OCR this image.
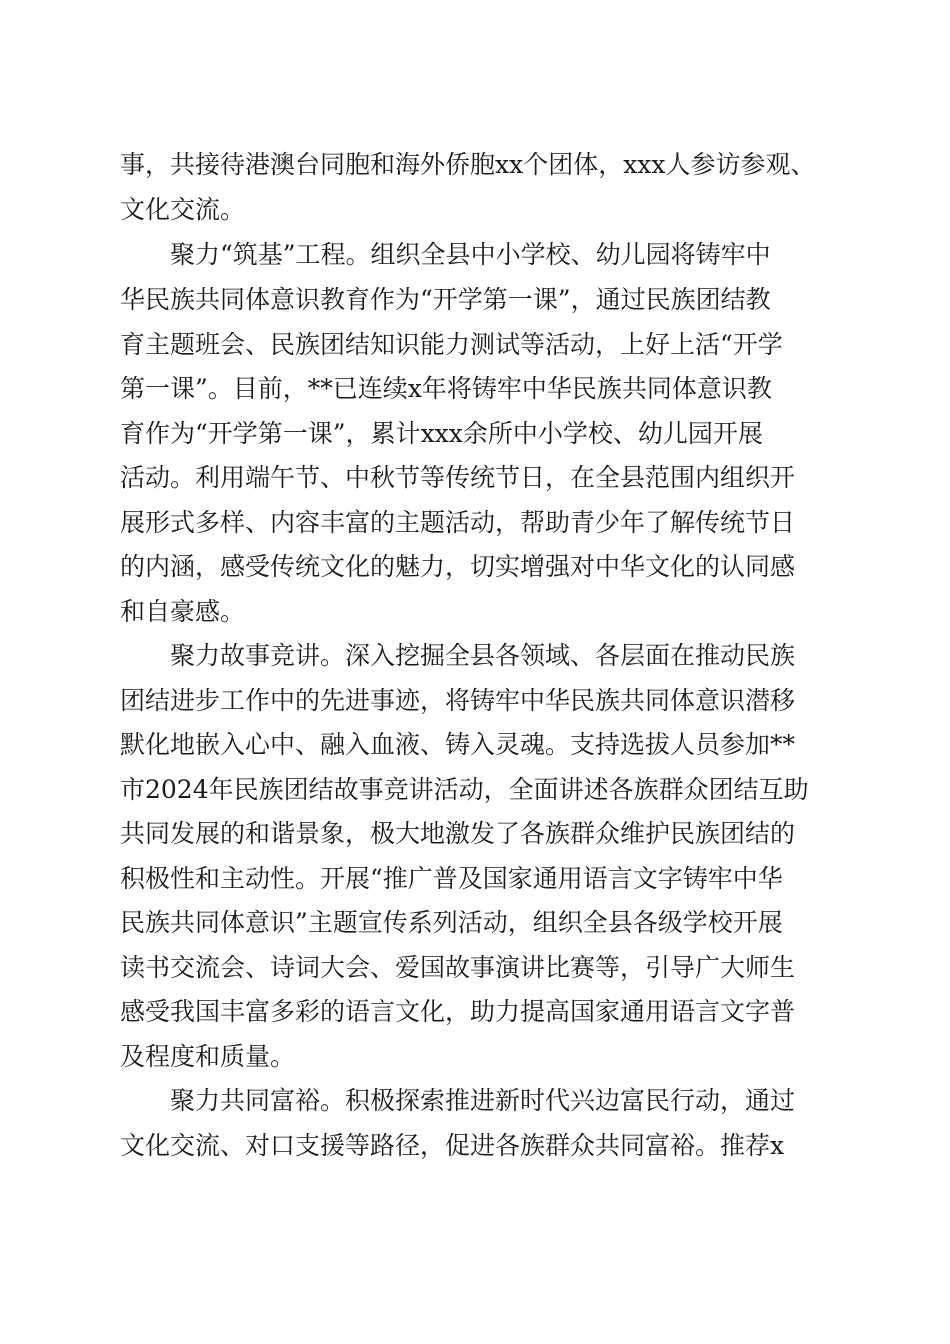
事，共接待港澳台同胞和海外侨胞xx个团体，xxx人参访参观、
文化交流。
聚力“筑基”工程。组织全县中小学校、幼儿园将铸牢中
华民族共同体意识教育作为“开学第一课”，通过民族团结教
育主题班会、民族团结知识能力测试等活动，上好上活“开学
第一课”。目前，**已连续x年将铸牢中华民族共同体意识教
育作为“开学第一课”，累计xxx余所中小学校、幼儿园开展
活动。利用端午节、中秋节等传统节日，在全县范围内组织开
展形式多样、内容丰富的主题活动，帮助青少年了解传统节日
的内涵，感受传统文化的魅力，切实增强对中华文化的认同感
和自豪感。
聚力故事竞讲。深入挖掘全县各领域、各层面在推动民族
团结进步工作中的先进事迹，将铸牢中华民族共同体意识潜移
默化地嵌入心中、融入血液、铸入灵魂。支持选拔人员参加**
市2024年民族团结故事竞讲活动，全面讲述各族群众团结互助
共同发展的和谐景象，极大地激发了各族群众维护民族团结的
积极性和主动性。开展“推广普及国家通用语言文字铸牢中华
民族共同体意识”主题宣传系列活动，组织全县各级学校开展
读书交流会、诗词大会、爱国故事演讲比赛等，引导广大师生
感受我国丰富多彩的语言文化，助力提高国家通用语言文字普
及程度和质量。
聚力共同富裕。积极探索推进新时代兴边富民行动，通过
文化交流、对口支援等路径，促进各族群众共同富裕。推荐x
